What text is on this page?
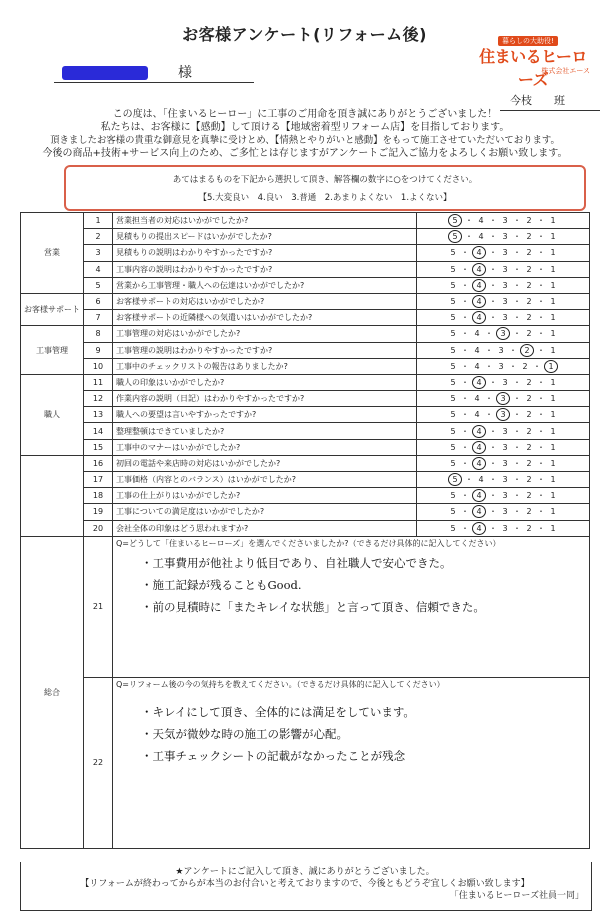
お客様アンケート(リフォーム後)
様
暮らしの大助役!
住まいるヒーローズ
株式会社エース
今枝 班
この度は、「住まいるヒーロー」に工事のご用命を頂き誠にありがとうございました！
私たちは、お客様に【感動】して頂ける【地域密着型リフォーム店】を目指しております。
頂きましたお客様の貴重な御意見を真摯に受けとめ、【情熱とやりがいと感動】をもって施工させていただいております。
今後の商品+技術+サービス向上のため、ご多忙とは存じますがアンケートご記入ご協力をよろしくお願い致します。
あてはまるものを下記から選択して頂き、解答欄の数字に○をつけてください。
【5.大変良い　4.良い　3.普通　2.あまりよくない　1.よくない】
営業	1	営業担当者の対応はいかがでしたか?	5 ・ 4 ・ 3 ・ 2 ・ 1
	2	見積もりの提出スピードはいかがでしたか?	5 ・ 4 ・ 3 ・ 2 ・ 1
	3	見積もりの説明はわかりやすかったですか?	5 ・ 4 ・ 3 ・ 2 ・ 1
	4	工事内容の説明はわかりやすかったですか?	5 ・ 4 ・ 3 ・ 2 ・ 1
	5	営業から工事管理・職人への伝達はいかがでしたか?	5 ・ 4 ・ 3 ・ 2 ・ 1
お客様サポート	6	お客様サポートの対応はいかがでしたか?	5 ・ 4 ・ 3 ・ 2 ・ 1
	7	お客様サポートの近隣様への気遣いはいかがでしたか?	5 ・ 4 ・ 3 ・ 2 ・ 1
工事管理	8	工事管理の対応はいかがでしたか?	5 ・ 4 ・ 3 ・ 2 ・ 1
	9	工事管理の説明はわかりやすかったですか?	5 ・ 4 ・ 3 ・ 2 ・ 1
	10	工事中のチェックリストの報告はありましたか?	5 ・ 4 ・ 3 ・ 2 ・ 1
職人	11	職人の印象はいかがでしたか?	5 ・ 4 ・ 3 ・ 2 ・ 1
	12	作業内容の説明（日記）はわかりやすかったですか?	5 ・ 4 ・ 3 ・ 2 ・ 1
	13	職人への要望は言いやすかったですか?	5 ・ 4 ・ 3 ・ 2 ・ 1
	14	整理整頓はできていましたか?	5 ・ 4 ・ 3 ・ 2 ・ 1
	15	工事中のマナーはいかがでしたか?	5 ・ 4 ・ 3 ・ 2 ・ 1
	16	初回の電話や来店時の対応はいかがでしたか?	5 ・ 4 ・ 3 ・ 2 ・ 1
	17	工事価格（内容とのバランス）はいかがでしたか?	5 ・ 4 ・ 3 ・ 2 ・ 1
	18	工事の仕上がりはいかがでしたか?	5 ・ 4 ・ 3 ・ 2 ・ 1
	19	工事についての満足度はいかがでしたか?	5 ・ 4 ・ 3 ・ 2 ・ 1
	20	会社全体の印象はどう思われますか?	5 ・ 4 ・ 3 ・ 2 ・ 1
総合	21	Q=どうして「住まいるヒーローズ」を選んでくださいましたか?（できるだけ具体的に記入してください）
・工事費用が他社より低目であり、自社職人で安心できた。
・施工記録が残ることもGood.
・前の見積時に「またキレイな状態」と言って頂き、信頼できた。	

	22	Q=リフォーム後の今の気持ちを教えてください。（できるだけ具体的に記入してください）
・キレイにして頂き、全体的には満足をしています。
・天気が微妙な時の施工の影響が心配。
・工事チェックシートの記載がなかったことが残念	
★アンケートにご記入して頂き、誠にありがとうございました。
【リフォームが終わってからが本当のお付合いと考えておりますので、今後ともどうぞ宜しくお願い致します】
「住まいるヒーローズ社員一同」
